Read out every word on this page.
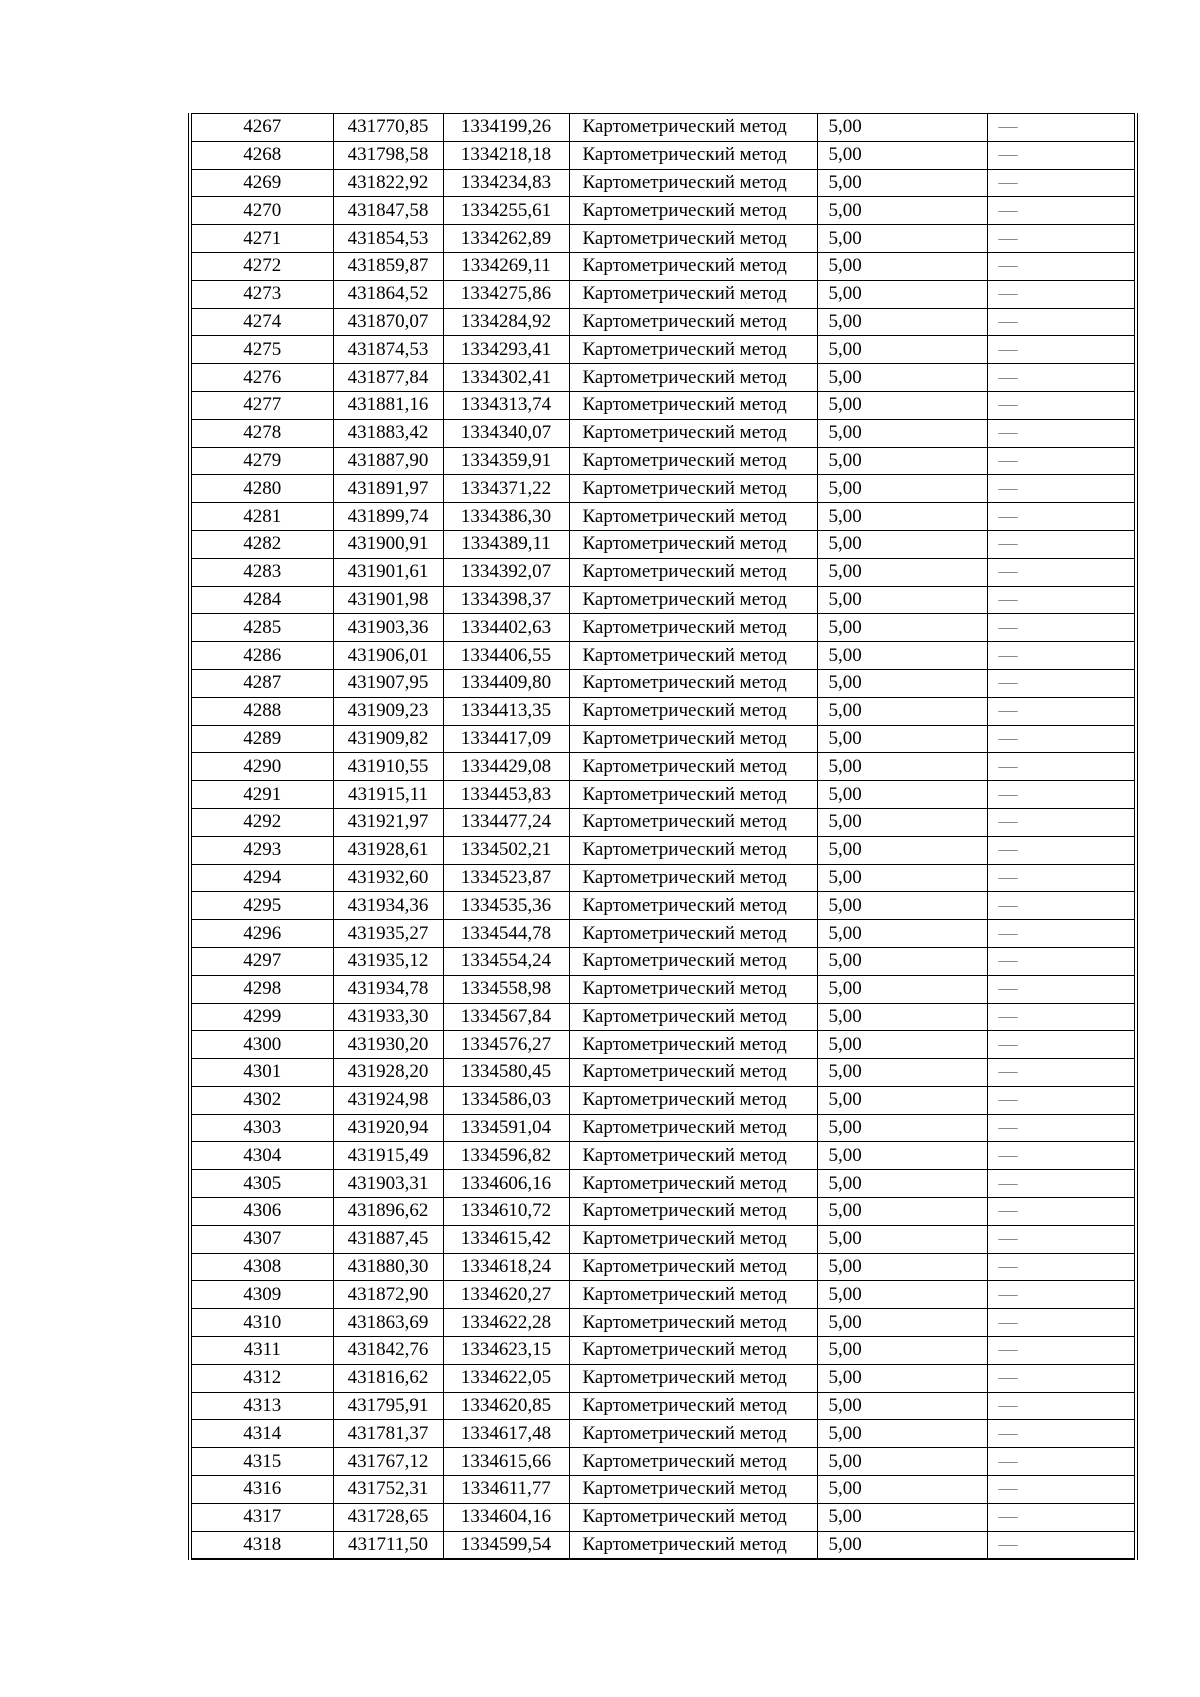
4267	431770,85	1334199,26	Картометрический метод	5,00	—
4268	431798,58	1334218,18	Картометрический метод	5,00	—
4269	431822,92	1334234,83	Картометрический метод	5,00	—
4270	431847,58	1334255,61	Картометрический метод	5,00	—
4271	431854,53	1334262,89	Картометрический метод	5,00	—
4272	431859,87	1334269,11	Картометрический метод	5,00	—
4273	431864,52	1334275,86	Картометрический метод	5,00	—
4274	431870,07	1334284,92	Картометрический метод	5,00	—
4275	431874,53	1334293,41	Картометрический метод	5,00	—
4276	431877,84	1334302,41	Картометрический метод	5,00	—
4277	431881,16	1334313,74	Картометрический метод	5,00	—
4278	431883,42	1334340,07	Картометрический метод	5,00	—
4279	431887,90	1334359,91	Картометрический метод	5,00	—
4280	431891,97	1334371,22	Картометрический метод	5,00	—
4281	431899,74	1334386,30	Картометрический метод	5,00	—
4282	431900,91	1334389,11	Картометрический метод	5,00	—
4283	431901,61	1334392,07	Картометрический метод	5,00	—
4284	431901,98	1334398,37	Картометрический метод	5,00	—
4285	431903,36	1334402,63	Картометрический метод	5,00	—
4286	431906,01	1334406,55	Картометрический метод	5,00	—
4287	431907,95	1334409,80	Картометрический метод	5,00	—
4288	431909,23	1334413,35	Картометрический метод	5,00	—
4289	431909,82	1334417,09	Картометрический метод	5,00	—
4290	431910,55	1334429,08	Картометрический метод	5,00	—
4291	431915,11	1334453,83	Картометрический метод	5,00	—
4292	431921,97	1334477,24	Картометрический метод	5,00	—
4293	431928,61	1334502,21	Картометрический метод	5,00	—
4294	431932,60	1334523,87	Картометрический метод	5,00	—
4295	431934,36	1334535,36	Картометрический метод	5,00	—
4296	431935,27	1334544,78	Картометрический метод	5,00	—
4297	431935,12	1334554,24	Картометрический метод	5,00	—
4298	431934,78	1334558,98	Картометрический метод	5,00	—
4299	431933,30	1334567,84	Картометрический метод	5,00	—
4300	431930,20	1334576,27	Картометрический метод	5,00	—
4301	431928,20	1334580,45	Картометрический метод	5,00	—
4302	431924,98	1334586,03	Картометрический метод	5,00	—
4303	431920,94	1334591,04	Картометрический метод	5,00	—
4304	431915,49	1334596,82	Картометрический метод	5,00	—
4305	431903,31	1334606,16	Картометрический метод	5,00	—
4306	431896,62	1334610,72	Картометрический метод	5,00	—
4307	431887,45	1334615,42	Картометрический метод	5,00	—
4308	431880,30	1334618,24	Картометрический метод	5,00	—
4309	431872,90	1334620,27	Картометрический метод	5,00	—
4310	431863,69	1334622,28	Картометрический метод	5,00	—
4311	431842,76	1334623,15	Картометрический метод	5,00	—
4312	431816,62	1334622,05	Картометрический метод	5,00	—
4313	431795,91	1334620,85	Картометрический метод	5,00	—
4314	431781,37	1334617,48	Картометрический метод	5,00	—
4315	431767,12	1334615,66	Картометрический метод	5,00	—
4316	431752,31	1334611,77	Картометрический метод	5,00	—
4317	431728,65	1334604,16	Картометрический метод	5,00	—
4318	431711,50	1334599,54	Картометрический метод	5,00	—
